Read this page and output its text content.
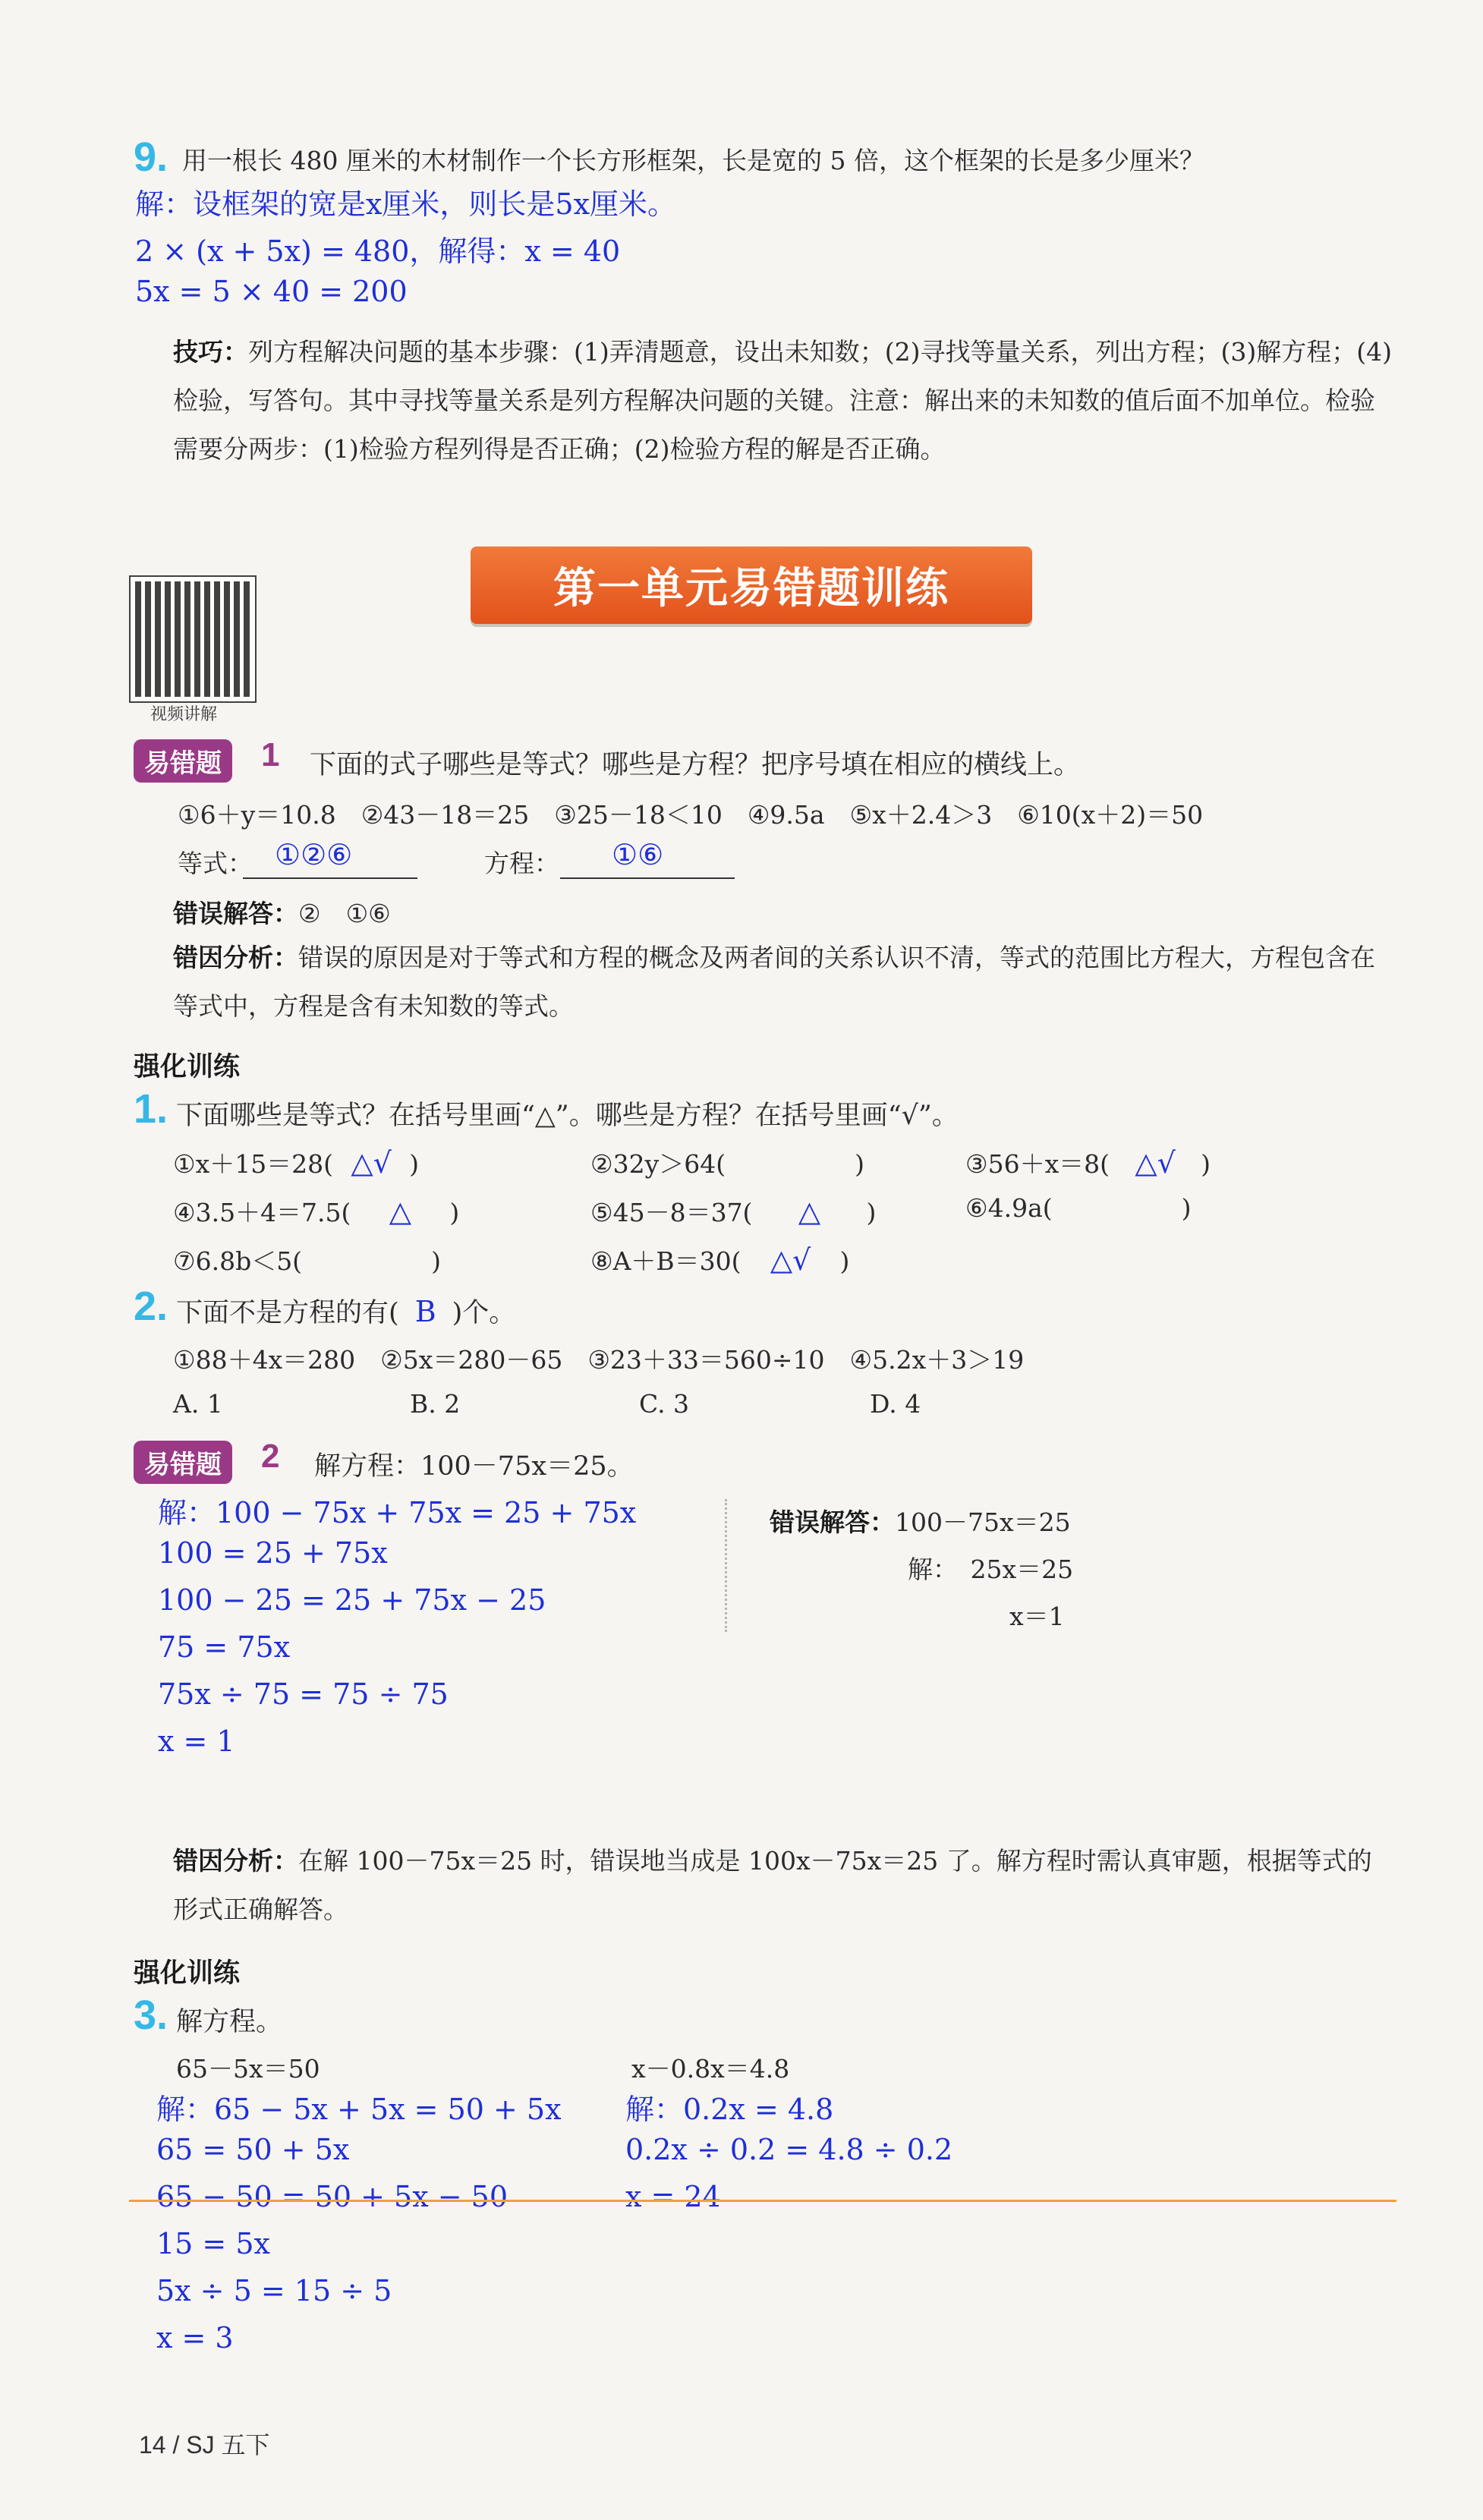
9. 用一根长 480 厘米的木材制作一个长方形框架，长是宽的 5 倍，这个框架的长是多少厘米？
解：设框架的宽是x厘米，则长是5x厘米。
2 × (x + 5x) = 480，解得：x = 40
5x = 5 × 40 = 200
技巧：列方程解决问题的基本步骤：(1)弄清题意，设出未知数；(2)寻找等量关系，列出方程；(3)解方程；(4)检验，写答句。其中寻找等量关系是列方程解决问题的关键。注意：解出来的未知数的值后面不加单位。检验需要分两步：(1)检验方程列得是否正确；(2)检验方程的解是否正确。
视频讲解
第一单元易错题训练
易错题	1 下面的式子哪些是等式？哪些是方程？把序号填在相应的横线上。
①6＋y＝10.8　②43－18＝25　③25－18＜10　④9.5a　⑤x＋2.4＞3　⑥10(x＋2)＝50
等式： ①②⑥	方程： ①⑥
错误解答：②　①⑥
错因分析：错误的原因是对于等式和方程的概念及两者间的关系认识不清，等式的范围比方程大，方程包含在等式中，方程是含有未知数的等式。
强化训练
1. 下面哪些是等式？在括号里画“△”。哪些是方程？在括号里画“√”。
①x＋15＝28( △√ )	②32y＞64(	)	③56＋x＝8( △√ )
④3.5＋4＝7.5( △ )	⑤45－8＝37( △ )	⑥4.9a(	)
⑦6.8b＜5(	)	⑧A＋B＝30( △√ )
2. 下面不是方程的有( B )个。
①88＋4x＝280　②5x＝280－65　③23＋33＝560÷10　④5.2x＋3＞19
A. 1	B. 2	C. 3	D. 4
易错题	2 解方程：100－75x＝25。
解：100 − 75x + 75x = 25 + 75x
100 = 25 + 75x
100 − 25 = 25 + 75x − 25
75 = 75x
75x ÷ 75 = 75 ÷ 75
x = 1
错误解答：100－75x＝25
解：　25x＝25
x＝1
错因分析：在解 100－75x＝25 时，错误地当成是 100x－75x＝25 了。解方程时需认真审题，根据等式的形式正确解答。
强化训练
3. 解方程。
65－5x＝50	x－0.8x＝4.8
解：65 − 5x + 5x = 50 + 5x
65 = 50 + 5x
65 − 50 = 50 + 5x − 50
15 = 5x
5x ÷ 5 = 15 ÷ 5
x = 3
解：0.2x = 4.8
0.2x ÷ 0.2 = 4.8 ÷ 0.2
x = 24
14 / SJ 五下
